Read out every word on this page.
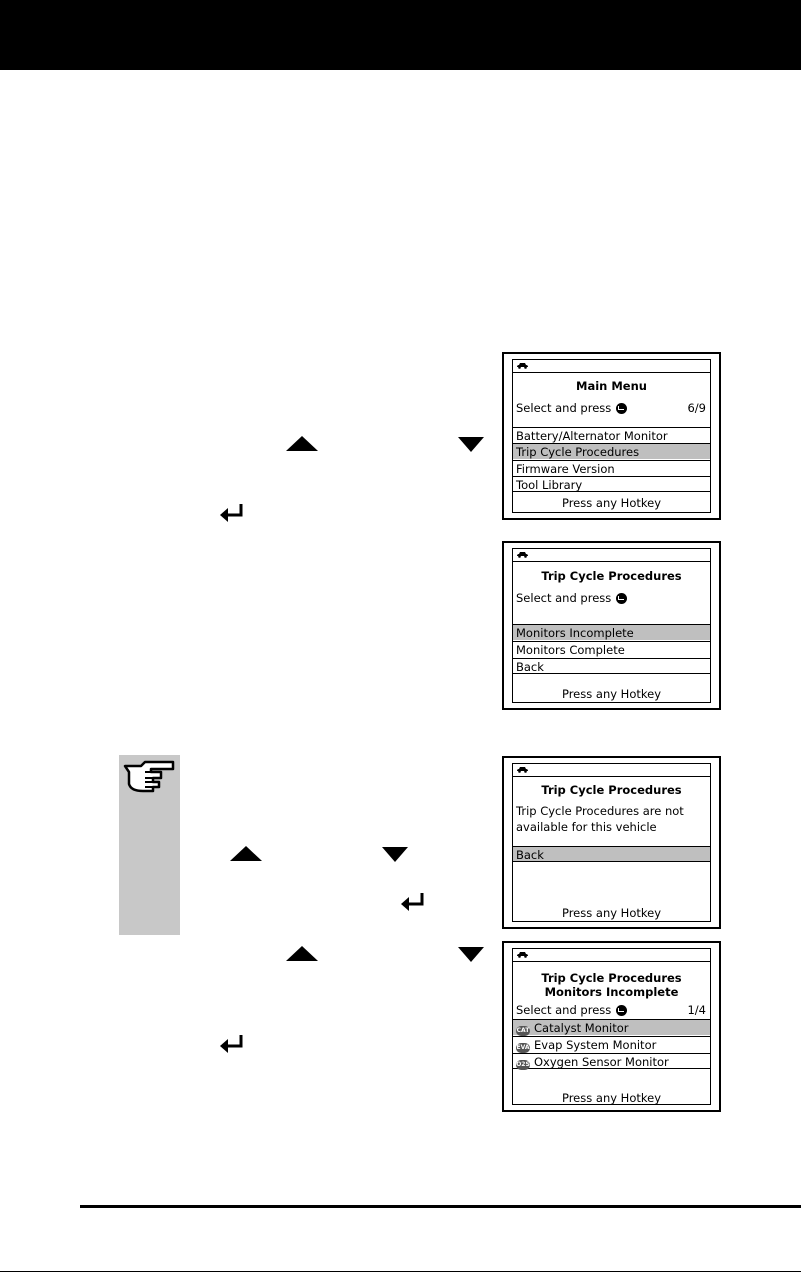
Main Menu
Select and press	6/9
Battery/Alternator Monitor
Trip Cycle Procedures
Firmware Version
Tool Library
Press any Hotkey
Trip Cycle Procedures
Select and press
Monitors Incomplete
Monitors Complete
Back
Press any Hotkey
Trip Cycle Procedures
Trip Cycle Procedures are not
available for this vehicle
Back
Press any Hotkey
Trip Cycle Procedures
Monitors Incomplete
Select and press	1/4
CAT Catalyst Monitor
EVA Evap System Monitor
O2S Oxygen Sensor Monitor
Press any Hotkey
